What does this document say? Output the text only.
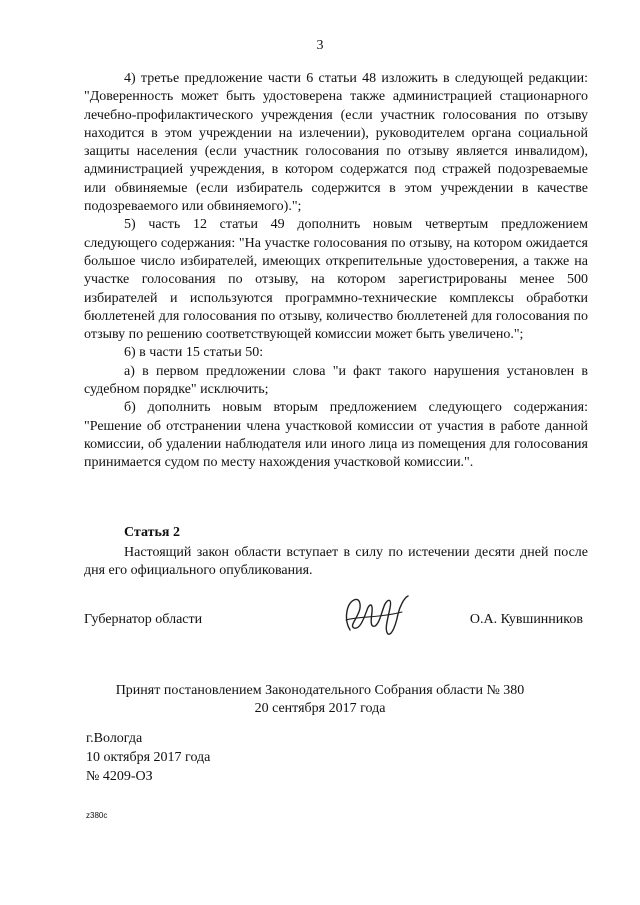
3

4) третье предложение части 6 статьи 48 изложить в следующей редакции: "Доверенность может быть удостоверена также администрацией стационарного лечебно-профилактического учреждения (если участник голосования по отзыву находится в этом учреждении на излечении), руководителем органа социальной защиты населения (если участник голосования по отзыву является инвалидом), администрацией учреждения, в котором содержатся под стражей подозреваемые или обвиняемые (если избиратель содержится в этом учреждении в качестве подозреваемого или обвиняемого).";

5) часть 12 статьи 49 дополнить новым четвертым предложением следующего содержания: "На участке голосования по отзыву, на котором ожидается большое число избирателей, имеющих открепительные удостоверения, а также на участке голосования по отзыву, на котором зарегистрированы менее 500 избирателей и используются программно-технические комплексы обработки бюллетеней для голосования по отзыву, количество бюллетеней для голосования по отзыву по решению соответствующей комиссии может быть увеличено.";

6) в части 15 статьи 50:

а) в первом предложении слова "и факт такого нарушения установлен в судебном порядке" исключить;

б) дополнить новым вторым предложением следующего содержания: "Решение об отстранении члена участковой комиссии от участия в работе данной комиссии, об удалении наблюдателя или иного лица из помещения для голосования принимается судом по месту нахождения участковой комиссии.".

Статья 2

Настоящий закон области вступает в силу по истечении десяти дней после дня его официального опубликования.

Губернатор области	О.А. Кувшинников
Принят постановлением Законодательного Собрания области № 380
20 сентября 2017 года
г.Вологда
10 октября 2017 года
№ 4209-ОЗ
z380c
